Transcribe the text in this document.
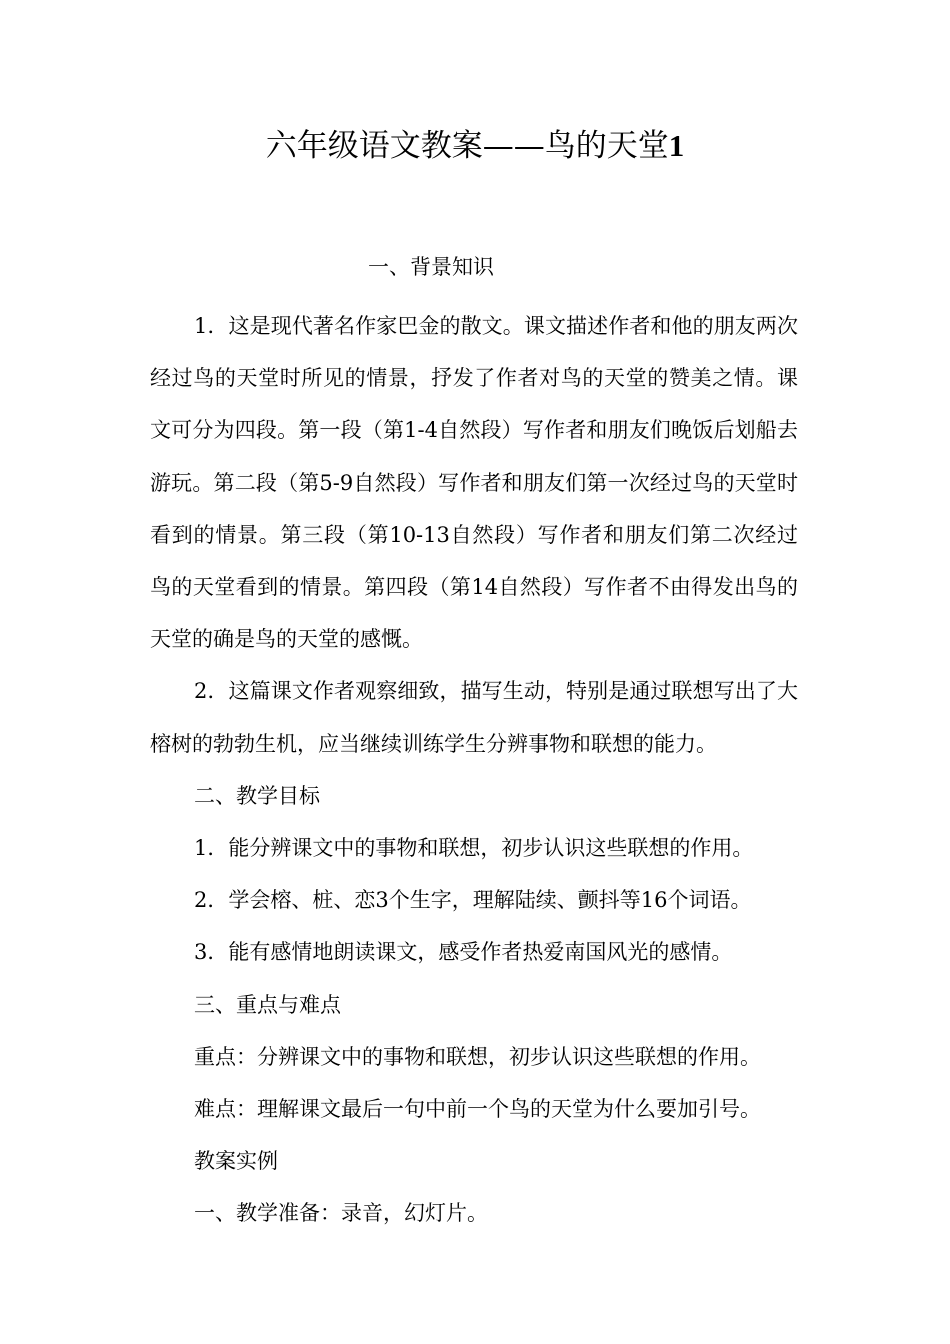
六年级语文教案——鸟的天堂1
一、背景知识

1．这是现代著名作家巴金的散文。课文描述作者和他的朋友两次经过鸟的天堂时所见的情景，抒发了作者对鸟的天堂的赞美之情。课文可分为四段。第一段（第1-4自然段）写作者和朋友们晚饭后划船去游玩。第二段（第5-9自然段）写作者和朋友们第一次经过鸟的天堂时看到的情景。第三段（第10-13自然段）写作者和朋友们第二次经过鸟的天堂看到的情景。第四段（第14自然段）写作者不由得发出鸟的天堂的确是鸟的天堂的感慨。

2．这篇课文作者观察细致，描写生动，特别是通过联想写出了大榕树的勃勃生机，应当继续训练学生分辨事物和联想的能力。

二、教学目标

1．能分辨课文中的事物和联想，初步认识这些联想的作用。

2．学会榕、桩、恋3个生字，理解陆续、颤抖等16个词语。

3．能有感情地朗读课文，感受作者热爱南国风光的感情。

三、重点与难点

重点：分辨课文中的事物和联想，初步认识这些联想的作用。

难点：理解课文最后一句中前一个鸟的天堂为什么要加引号。

教案实例

一、教学准备：录音，幻灯片。
